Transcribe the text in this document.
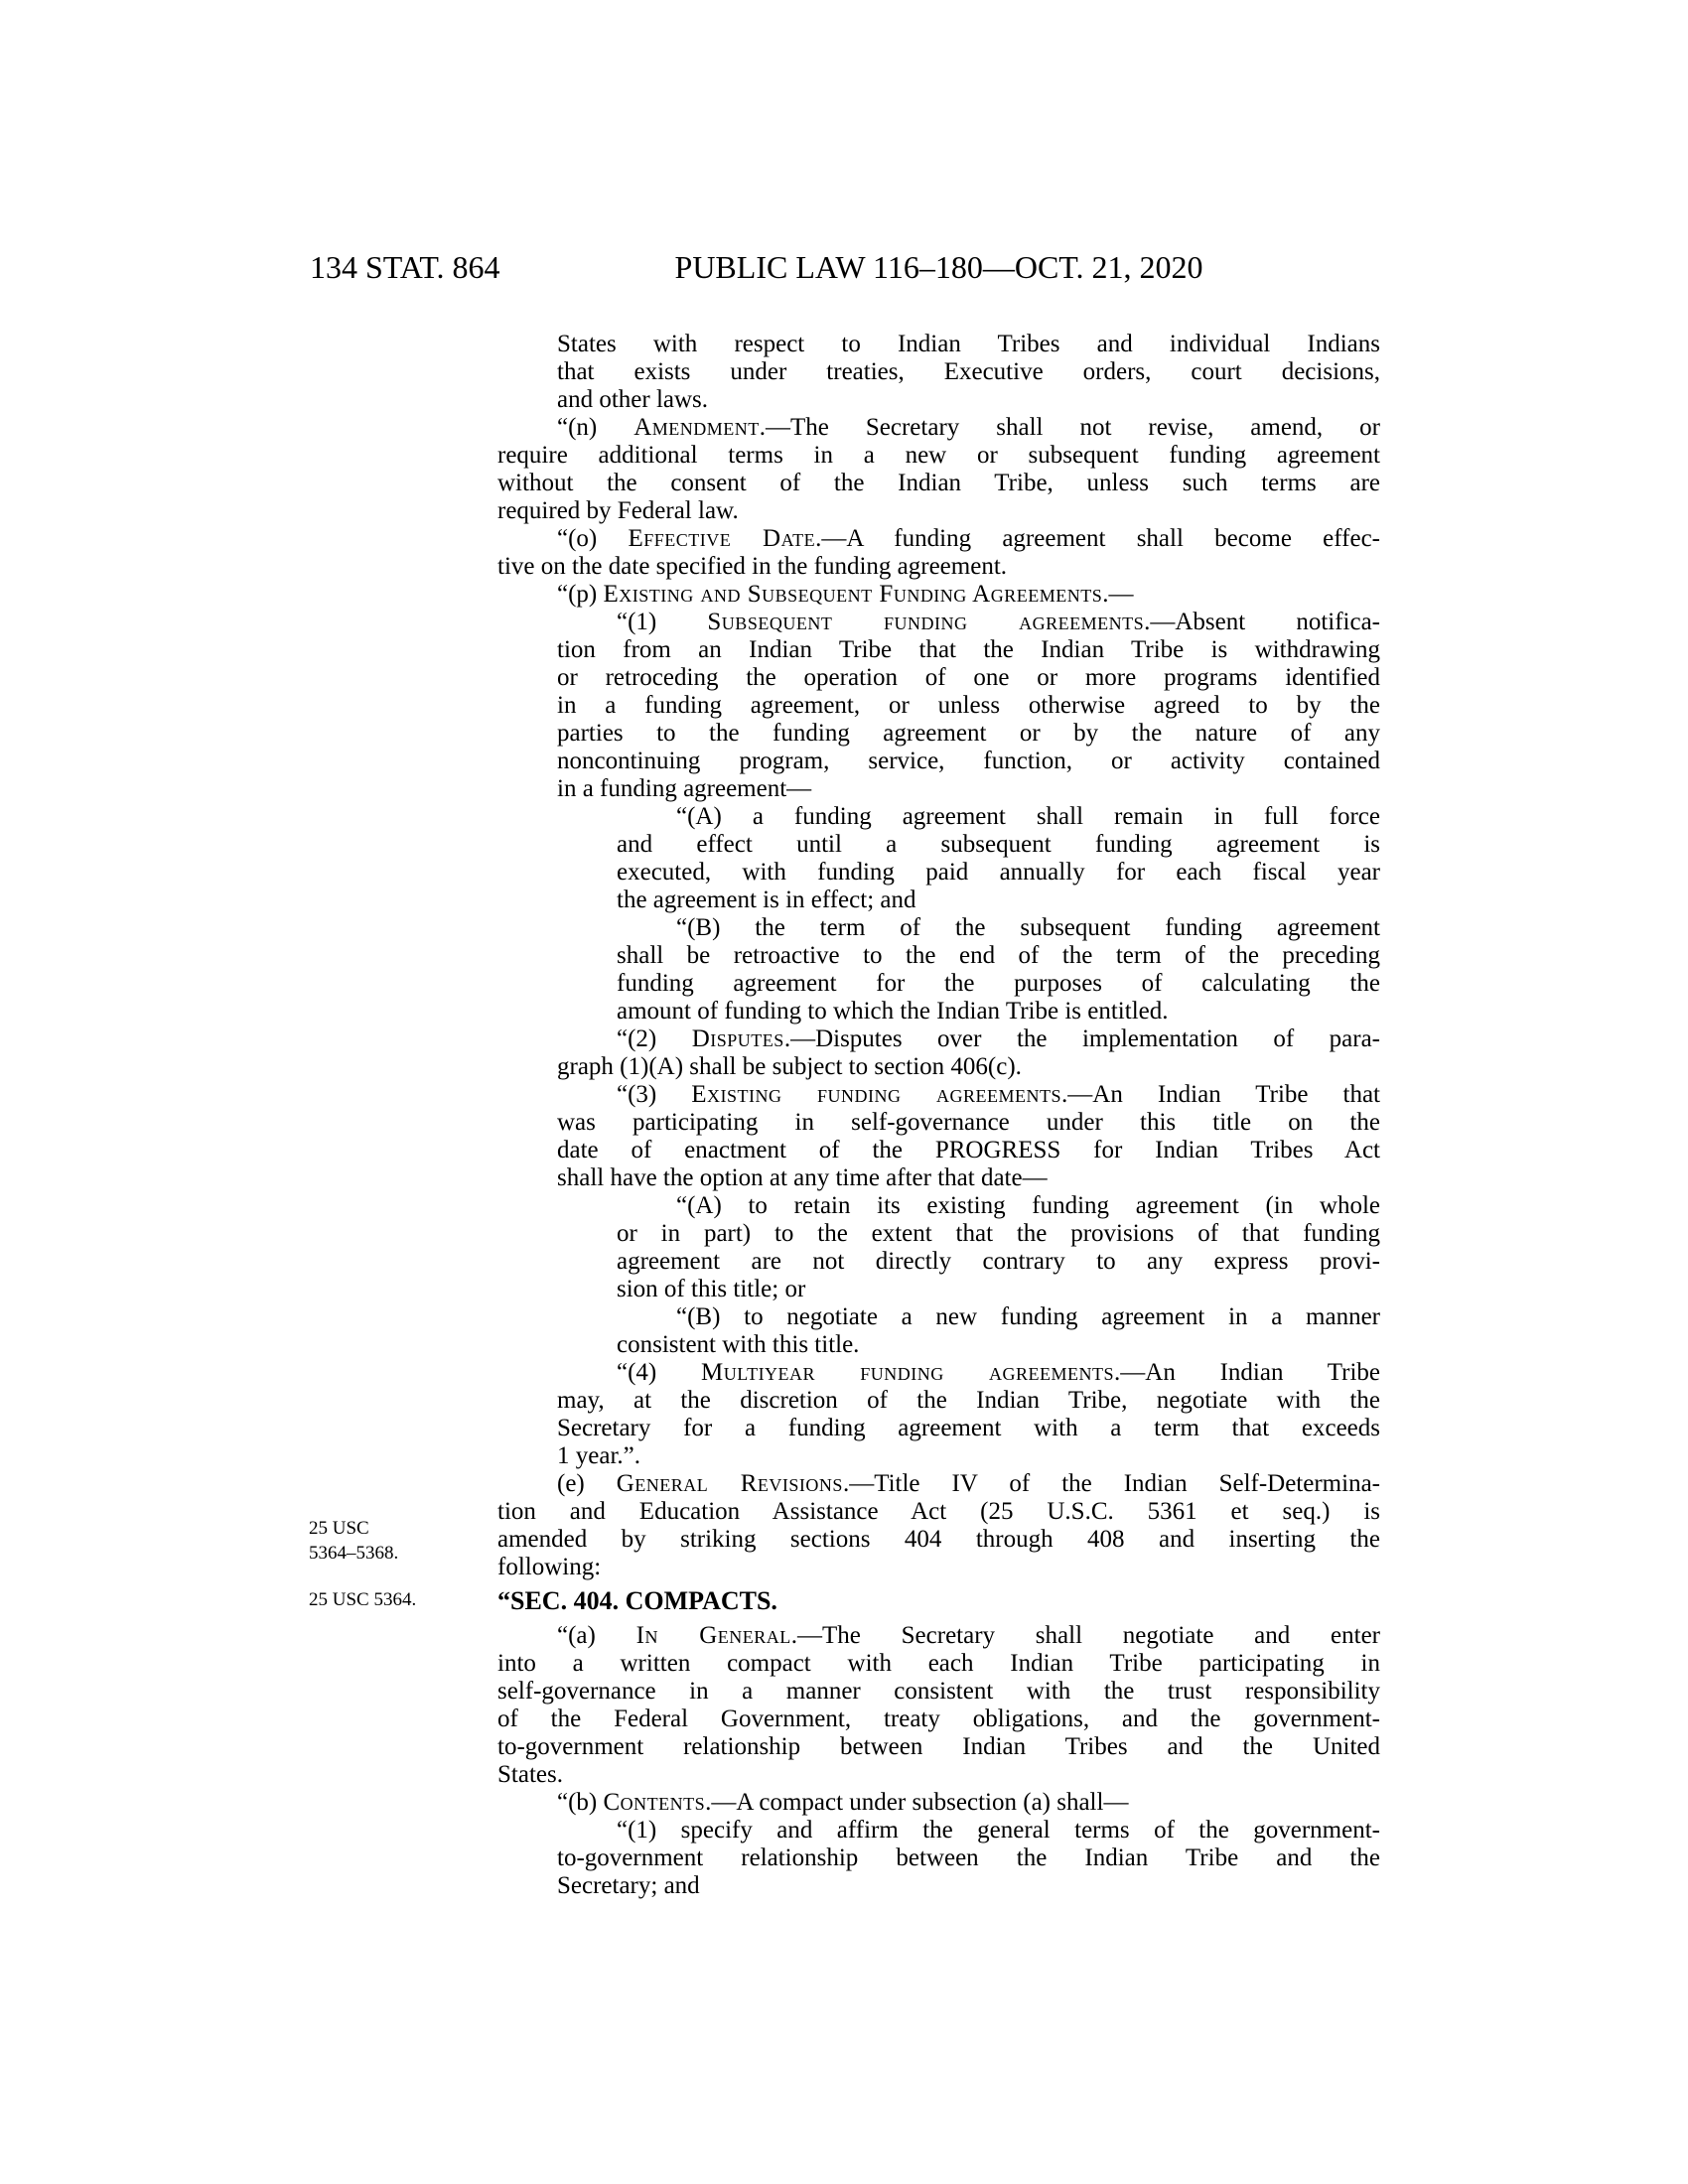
134 STAT. 864	PUBLIC LAW 116–180—OCT. 21, 2020
25 USC
5364–5368.
25 USC 5364.
States with respect to Indian Tribes and individual Indians
that exists under treaties, Executive orders, court decisions,
and other laws.
“(n) Amendment.—The Secretary shall not revise, amend, or
require additional terms in a new or subsequent funding agreement
without the consent of the Indian Tribe, unless such terms are
required by Federal law.
“(o) Effective Date.—A funding agreement shall become effec-
tive on the date specified in the funding agreement.
“(p) Existing and Subsequent Funding Agreements.—
“(1) Subsequent funding agreements.—Absent notifica-
tion from an Indian Tribe that the Indian Tribe is withdrawing
or retroceding the operation of one or more programs identified
in a funding agreement, or unless otherwise agreed to by the
parties to the funding agreement or by the nature of any
noncontinuing program, service, function, or activity contained
in a funding agreement—
“(A) a funding agreement shall remain in full force
and effect until a subsequent funding agreement is
executed, with funding paid annually for each fiscal year
the agreement is in effect; and
“(B) the term of the subsequent funding agreement
shall be retroactive to the end of the term of the preceding
funding agreement for the purposes of calculating the
amount of funding to which the Indian Tribe is entitled.
“(2) Disputes.—Disputes over the implementation of para-
graph (1)(A) shall be subject to section 406(c).
“(3) Existing funding agreements.—An Indian Tribe that
was participating in self-governance under this title on the
date of enactment of the PROGRESS for Indian Tribes Act
shall have the option at any time after that date—
“(A) to retain its existing funding agreement (in whole
or in part) to the extent that the provisions of that funding
agreement are not directly contrary to any express provi-
sion of this title; or
“(B) to negotiate a new funding agreement in a manner
consistent with this title.
“(4) Multiyear funding agreements.—An Indian Tribe
may, at the discretion of the Indian Tribe, negotiate with the
Secretary for a funding agreement with a term that exceeds
1 year.”.
(e) General Revisions.—Title IV of the Indian Self-Determina-
tion and Education Assistance Act (25 U.S.C. 5361 et seq.) is
amended by striking sections 404 through 408 and inserting the
following:
“SEC. 404. COMPACTS.
“(a) In General.—The Secretary shall negotiate and enter
into a written compact with each Indian Tribe participating in
self-governance in a manner consistent with the trust responsibility
of the Federal Government, treaty obligations, and the government-
to-government relationship between Indian Tribes and the United
States.
“(b) Contents.—A compact under subsection (a) shall—
“(1) specify and affirm the general terms of the government-
to-government relationship between the Indian Tribe and the
Secretary; and
